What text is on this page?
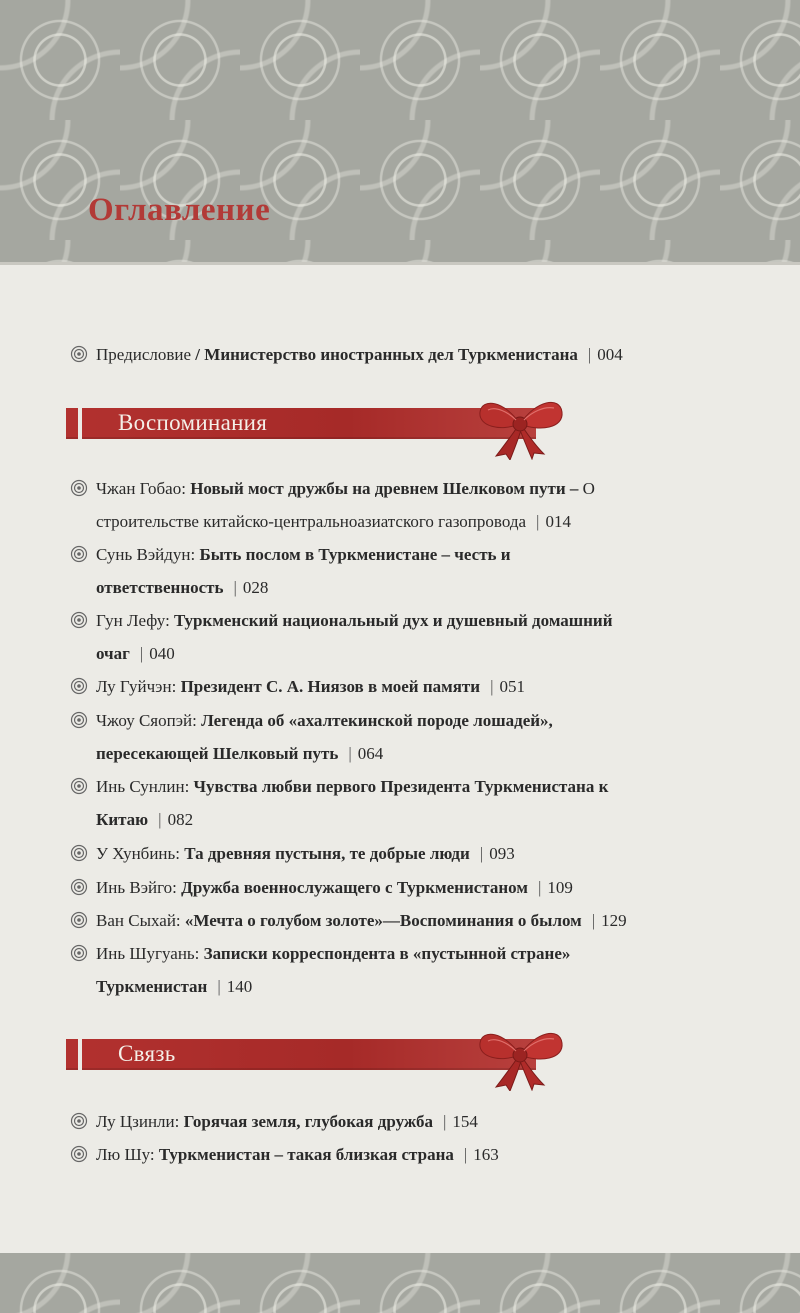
Оглавление
Предисловие / Министерство иностранных дел Туркменистана | 004
Воспоминания
Чжан Гобао: Новый мост дружбы на древнем Шелковом пути – О
строительстве китайско-центральноазиатского газопровода | 014
Сунь Вэйдун: Быть послом в Туркменистане – честь и
ответственность | 028
Гун Лефу: Туркменский национальный дух и душевный домашний
очаг | 040
Лу Гуйчэн: Президент С. А. Ниязов в моей памяти | 051
Чжоу Сяопэй: Легенда об «ахалтекинской породе лошадей»,
пересекающей Шелковый путь | 064
Инь Сунлин: Чувства любви первого Президента Туркменистана к
Китаю | 082
У Хунбинь: Та древняя пустыня, те добрые люди | 093
Инь Вэйго: Дружба военнослужащего с Туркменистаном | 109
Ван Сыхай: «Мечта о голубом золоте»—Воспоминания о былом | 129
Инь Шугуань: Записки корреспондента в «пустынной стране»
Туркменистан | 140
Связь
Лу Цзинли: Горячая земля, глубокая дружба | 154
Лю Шу: Туркменистан – такая близкая страна | 163
